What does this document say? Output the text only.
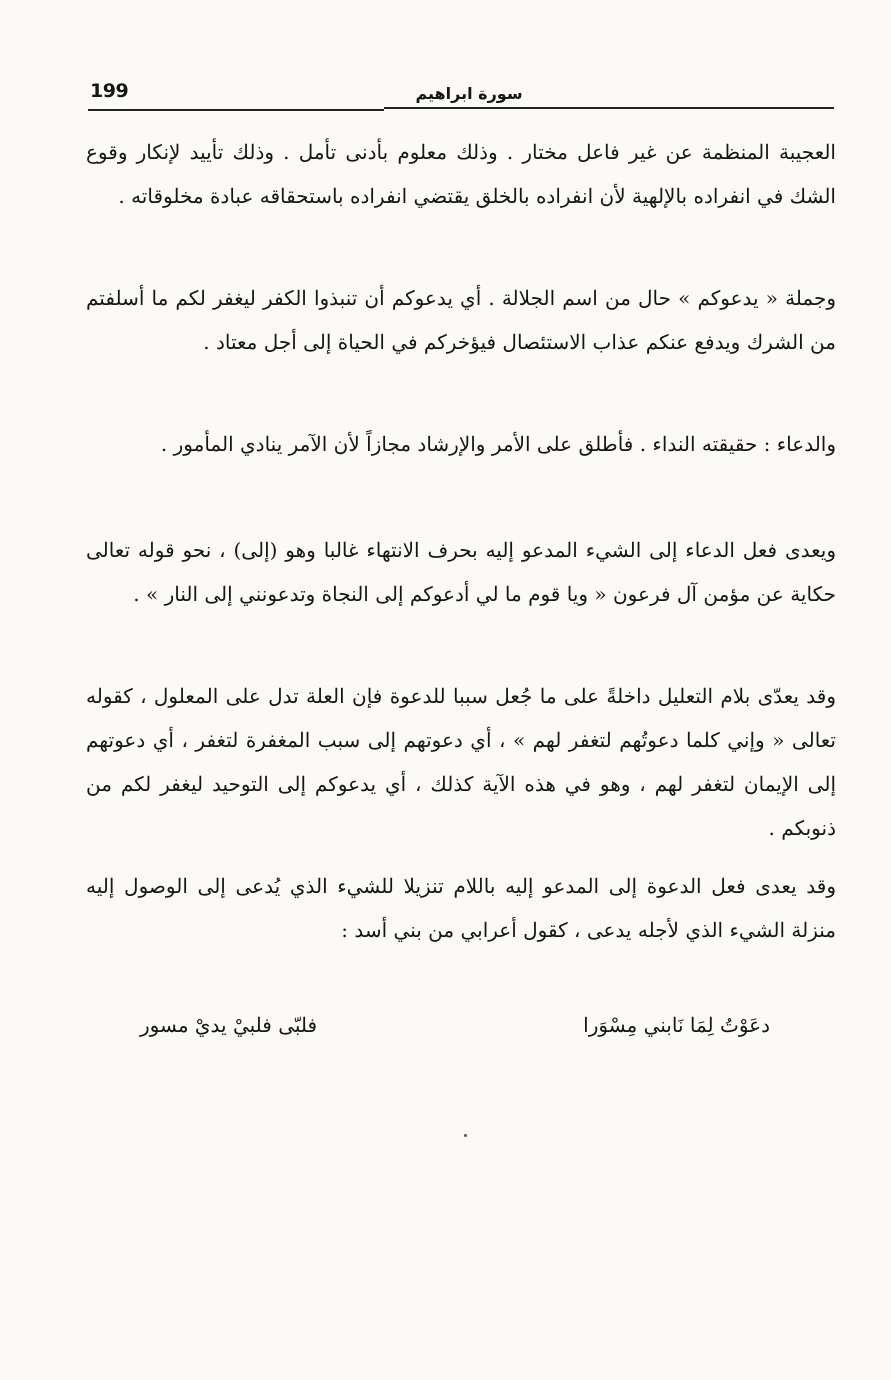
199	سورة ابراهيم

العجيبة المنظمة عن غير فاعل مختار . وذلك معلوم بأدنى تأمل . وذلك تأييد لإنكار وقوع الشك في انفراده بالإلهية لأن انفراده بالخلق يقتضي انفراده باستحقاقه عبادة مخلوقاته .

وجملة « يدعوكم » حال من اسم الجلالة . أي يدعوكم أن تنبذوا الكفر ليغفر لكم ما أسلفتم من الشرك ويدفع عنكم عذاب الاستئصال فيؤخركم في الحياة إلى أجل معتاد .

والدعاء : حقيقته النداء . فأطلق على الأمر والإرشاد مجازاً لأن الآمر ينادي المأمور .

ويعدى فعل الدعاء إلى الشيء المدعو إليه بحرف الانتهاء غالبا وهو (إلى) ، نحو قوله تعالى حكاية عن مؤمن آل فرعون « ويا قوم ما لي أدعوكم إلى النجاة وتدعونني إلى النار » .

وقد يعدّى بلام التعليل داخلةً على ما جُعل سببا للدعوة فإن العلة تدل على المعلول ، كقوله تعالى « وإني كلما دعوتُهم لتغفر لهم » ، أي دعوتهم إلى سبب المغفرة لتغفر ، أي دعوتهم إلى الإيمان لتغفر لهم ، وهو في هذه الآية كذلك ، أي يدعوكم إلى التوحيد ليغفر لكم من ذنوبكم .

وقد يعدى فعل الدعوة إلى المدعو إليه باللام تنزيلا للشيء الذي يُدعى إلى الوصول إليه منزلة الشيء الذي لأجله يدعى ، كقول أعرابي من بني أسد :

دعَوْتُ لِمَا نَابني مِسْوَرا
فلبّى فلبيْ يديْ مسور
